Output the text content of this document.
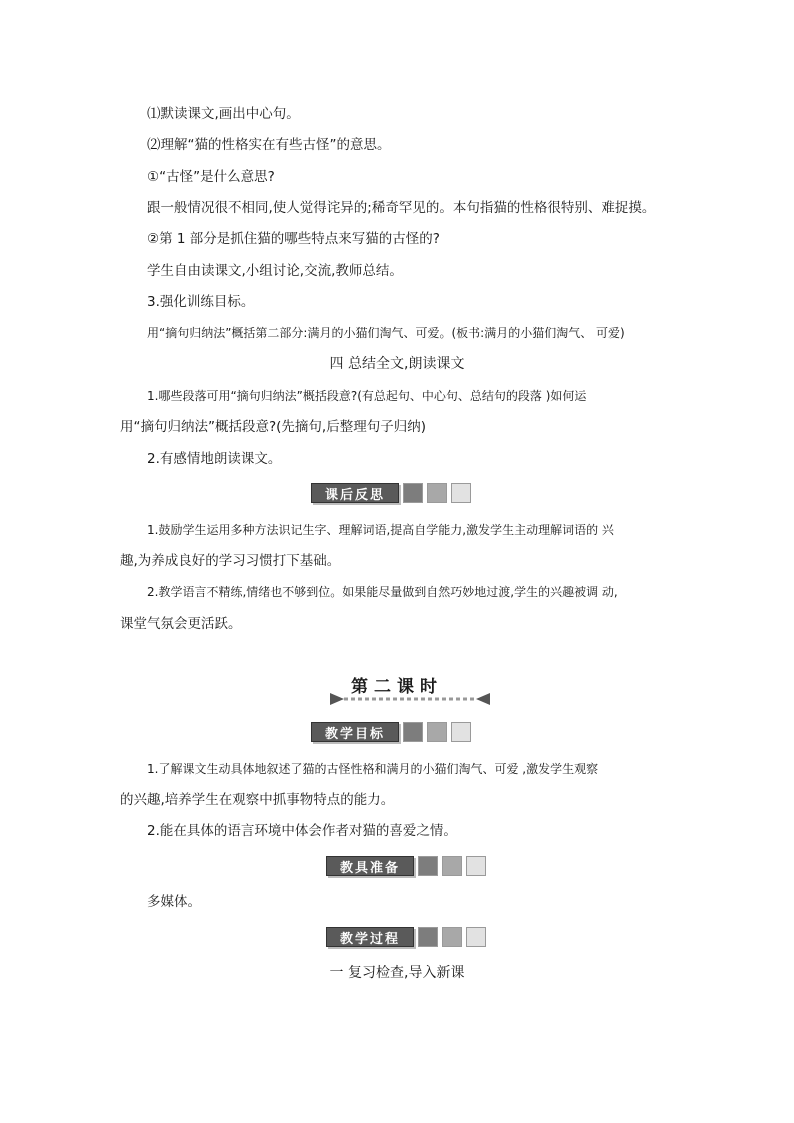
⑴默读课文,画出中心句。
⑵理解“猫的性格实在有些古怪”的意思。
①“古怪”是什么意思?
跟一般情况很不相同,使人觉得诧异的;稀奇罕见的。本句指猫的性格很特别、难捉摸。
②第 1 部分是抓住猫的哪些特点来写猫的古怪的?
学生自由读课文,小组讨论,交流,教师总结。
3.强化训练目标。
用“摘句归纳法”概括第二部分:满月的小猫们淘气、可爱。(板书:满月的小猫们淘气、 可爱)
四 总结全文,朗读课文
1.哪些段落可用“摘句归纳法”概括段意?(有总起句、中心句、总结句的段落 )如何运
用“摘句归纳法”概括段意?(先摘句,后整理句子归纳)
2.有感情地朗读课文。
课后反思
1.鼓励学生运用多种方法识记生字、理解词语,提高自学能力,激发学生主动理解词语的 兴
趣,为养成良好的学习习惯打下基础。
2.教学语言不精练,情绪也不够到位。如果能尽量做到自然巧妙地过渡,学生的兴趣被调 动,
课堂气氛会更活跃。
第二课时
教学目标
1.了解课文生动具体地叙述了猫的古怪性格和满月的小猫们淘气、可爱 ,激发学生观察
的兴趣,培养学生在观察中抓事物特点的能力。
2.能在具体的语言环境中体会作者对猫的喜爱之情。
教具准备
多媒体。
教学过程
一 复习检查,导入新课
